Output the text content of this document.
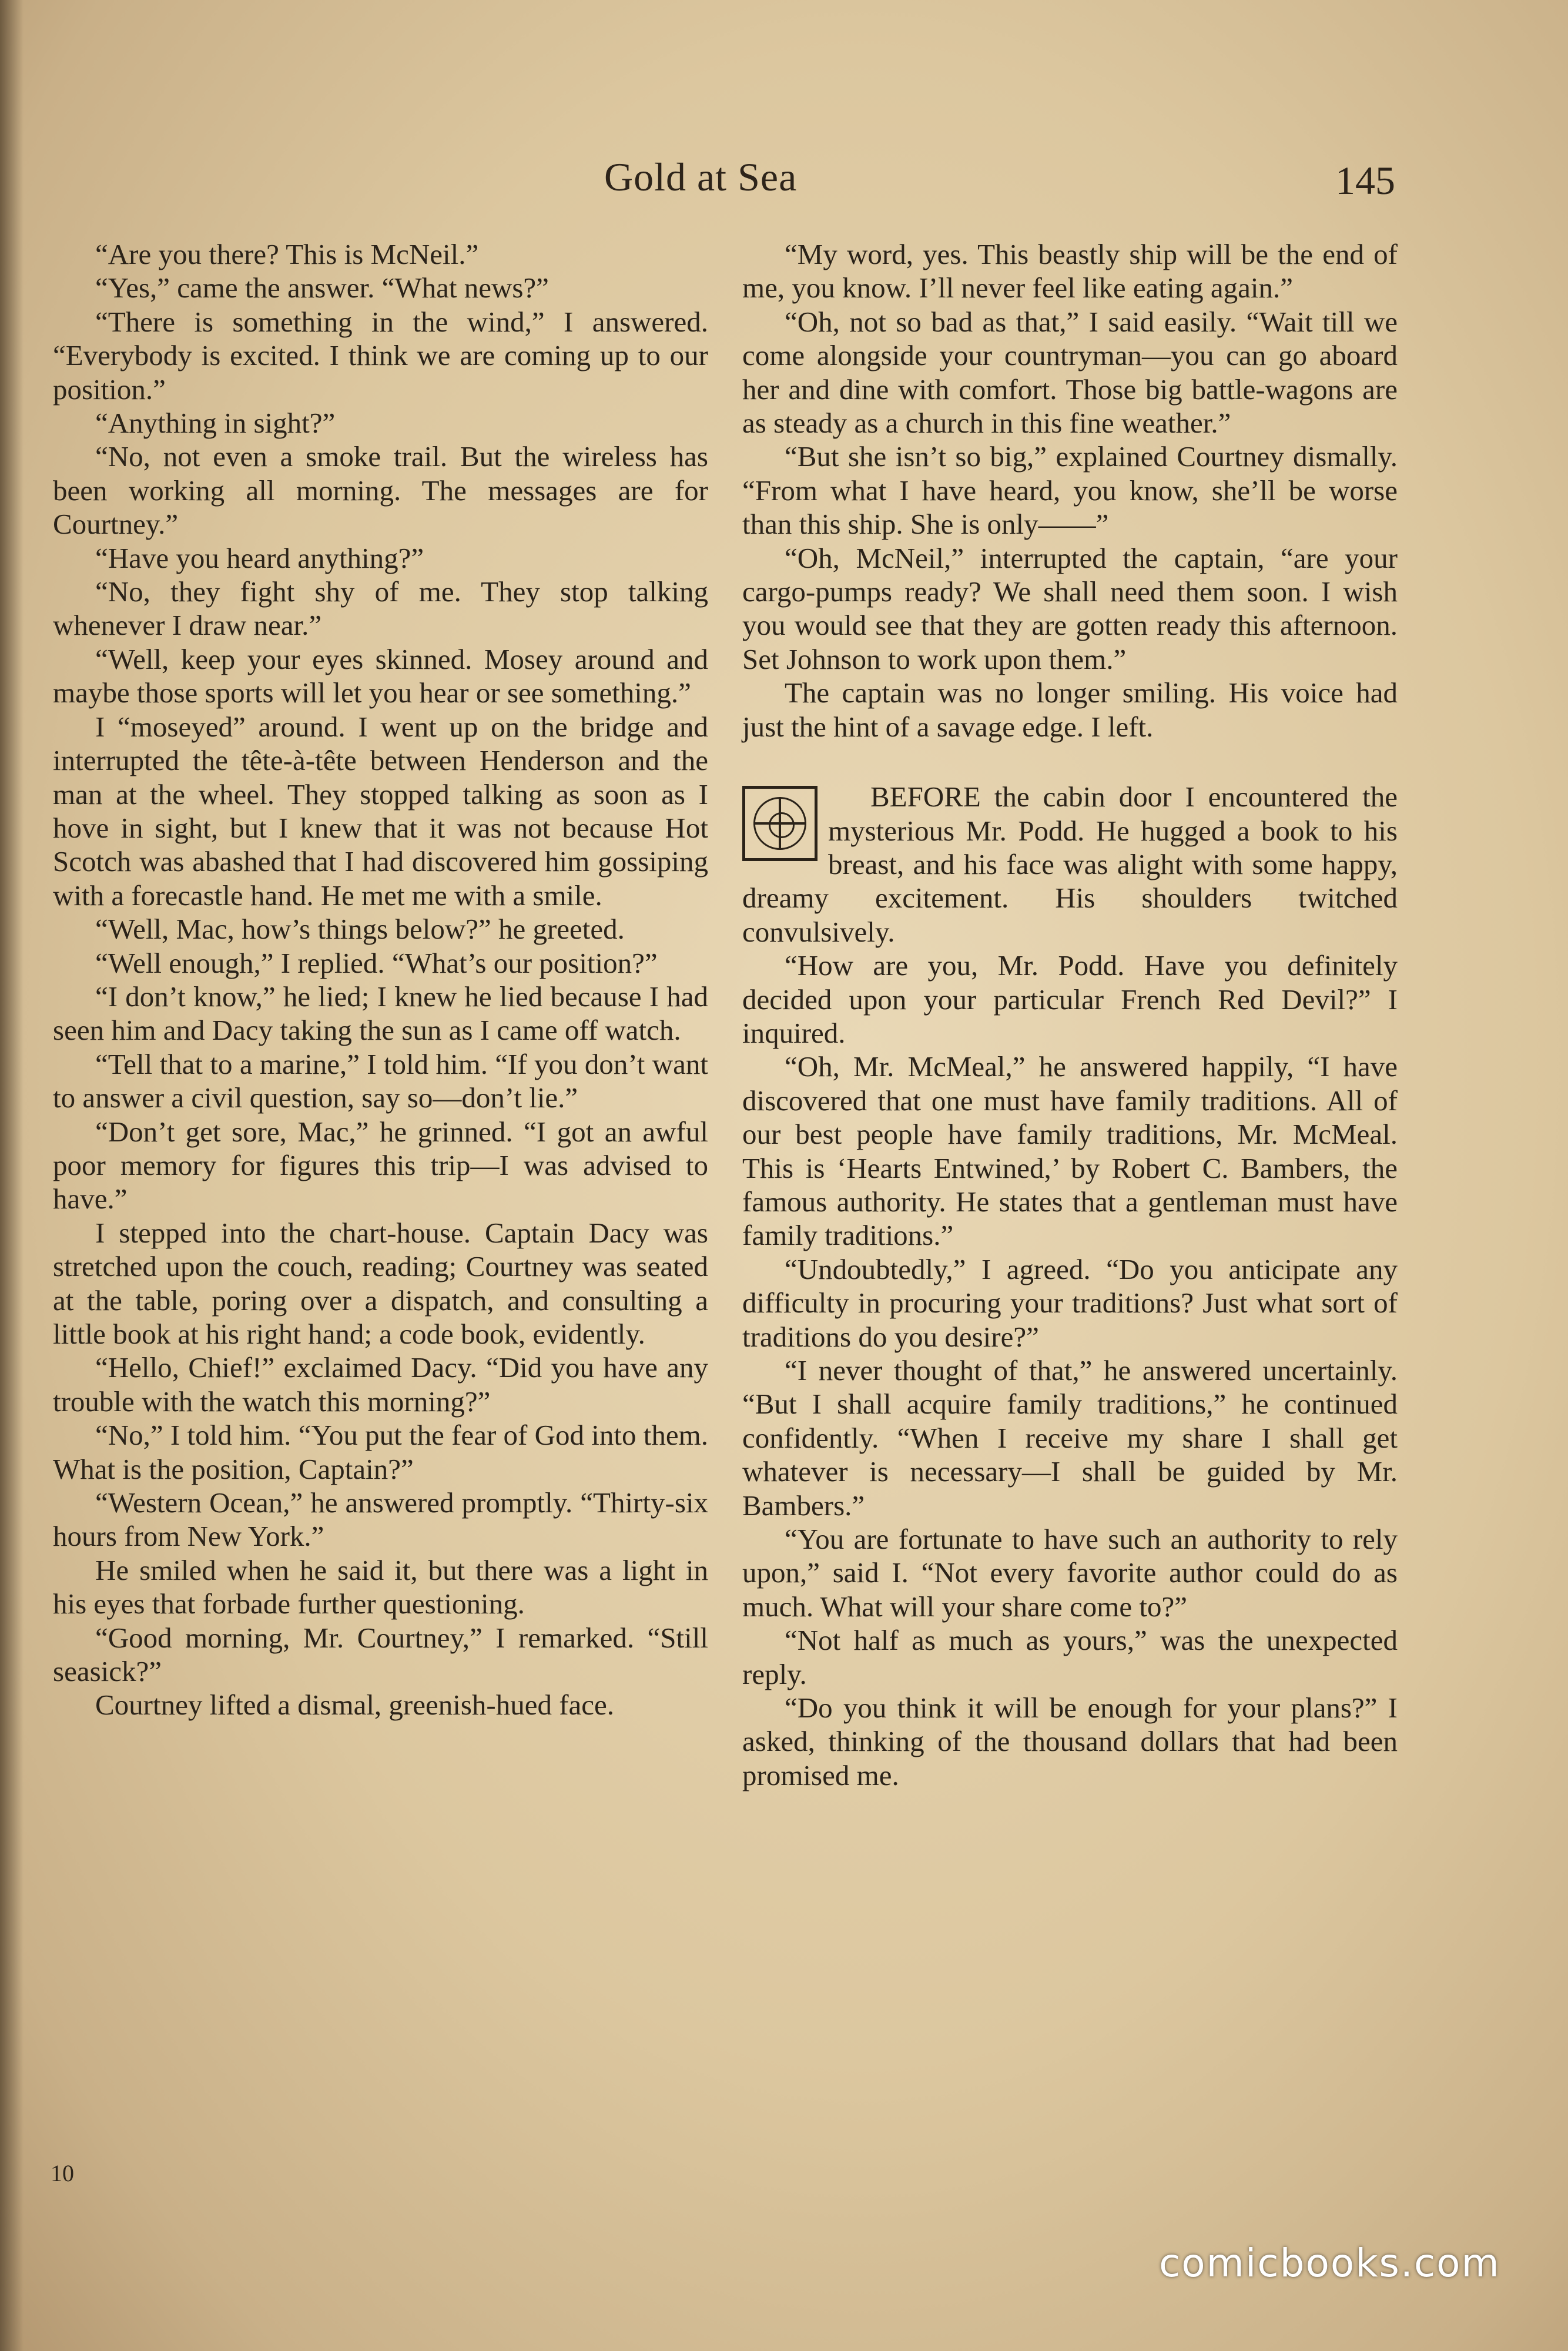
Gold at Sea	145

“Are you there? This is McNeil.”

“Yes,” came the answer. “What news?”

“There is something in the wind,” I answered. “Everybody is excited. I think we are coming up to our position.”

“Anything in sight?”

“No, not even a smoke trail. But the wireless has been working all morning. The messages are for Courtney.”

“Have you heard anything?”

“No, they fight shy of me. They stop talking whenever I draw near.”

“Well, keep your eyes skinned. Mosey around and maybe those sports will let you hear or see something.”

I “moseyed” around. I went up on the bridge and interrupted the tête-à-tête between Henderson and the man at the wheel. They stopped talking as soon as I hove in sight, but I knew that it was not because Hot Scotch was abashed that I had discovered him gossiping with a forecastle hand. He met me with a smile.

“Well, Mac, how’s things below?” he greeted.

“Well enough,” I replied. “What’s our position?”

“I don’t know,” he lied; I knew he lied because I had seen him and Dacy taking the sun as I came off watch.

“Tell that to a marine,” I told him. “If you don’t want to answer a civil question, say so—don’t lie.”

“Don’t get sore, Mac,” he grinned. “I got an awful poor memory for figures this trip—I was advised to have.”

I stepped into the chart-house. Captain Dacy was stretched upon the couch, reading; Courtney was seated at the table, poring over a dispatch, and consulting a little book at his right hand; a code book, evidently.

“Hello, Chief!” exclaimed Dacy. “Did you have any trouble with the watch this morning?”

“No,” I told him. “You put the fear of God into them. What is the position, Captain?”

“Western Ocean,” he answered promptly. “Thirty-six hours from New York.”

He smiled when he said it, but there was a light in his eyes that forbade further questioning.

“Good morning, Mr. Courtney,” I remarked. “Still seasick?”

Courtney lifted a dismal, greenish-hued face.

10

“My word, yes. This beastly ship will be the end of me, you know. I’ll never feel like eating again.”

“Oh, not so bad as that,” I said easily. “Wait till we come alongside your countryman—you can go aboard her and dine with comfort. Those big battle-wagons are as steady as a church in this fine weather.”

“But she isn’t so big,” explained Courtney dismally. “From what I have heard, you know, she’ll be worse than this ship. She is only——”

“Oh, McNeil,” interrupted the captain, “are your cargo-pumps ready? We shall need them soon. I wish you would see that they are gotten ready this afternoon. Set Johnson to work upon them.”

The captain was no longer smiling. His voice had just the hint of a savage edge. I left.

BEFORE the cabin door I encountered the mysterious Mr. Podd. He hugged a book to his breast, and his face was alight with some happy, dreamy excitement. His shoulders twitched convulsively.

“How are you, Mr. Podd. Have you definitely decided upon your particular French Red Devil?” I inquired.

“Oh, Mr. McMeal,” he answered happily, “I have discovered that one must have family traditions. All of our best people have family traditions, Mr. McMeal. This is ‘Hearts Entwined,’ by Robert C. Bambers, the famous authority. He states that a gentleman must have family traditions.”

“Undoubtedly,” I agreed. “Do you anticipate any difficulty in procuring your traditions? Just what sort of traditions do you desire?”

“I never thought of that,” he answered uncertainly. “But I shall acquire family traditions,” he continued confidently. “When I receive my share I shall get whatever is necessary—I shall be guided by Mr. Bambers.”

“You are fortunate to have such an authority to rely upon,” said I. “Not every favorite author could do as much. What will your share come to?”

“Not half as much as yours,” was the unexpected reply.

“Do you think it will be enough for your plans?” I asked, thinking of the thousand dollars that had been promised me.

comicbooks.com
